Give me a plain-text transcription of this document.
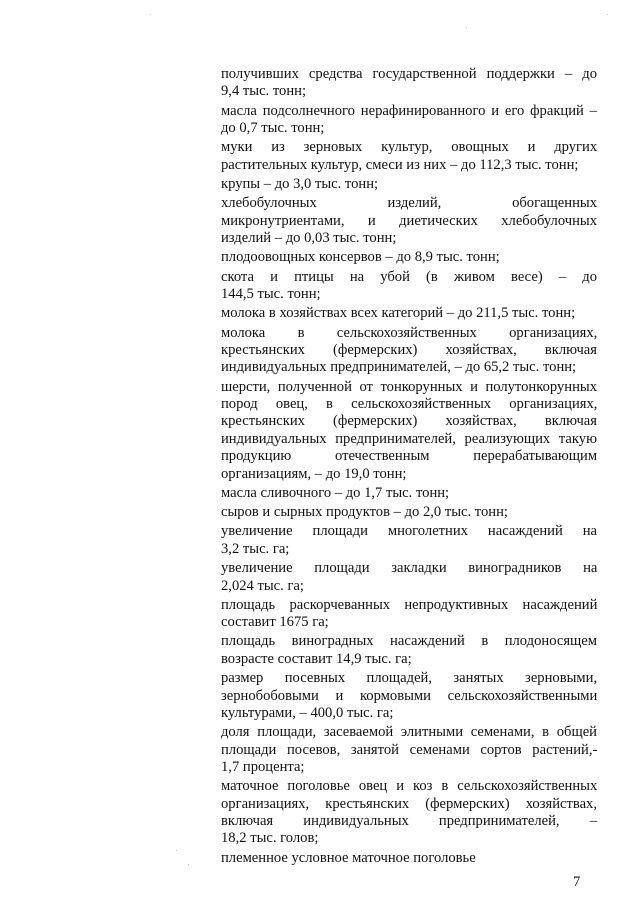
получивших средства государственной поддержки – до
9,4 тыс. тонн;
масла подсолнечного нерафинированного и его фракций –
до 0,7 тыс. тонн;
муки из зерновых культур, овощных и других
растительных культур, смеси из них – до 112,3 тыс. тонн;
крупы – до 3,0 тыс. тонн;
хлебобулочных изделий, обогащенных
микронутриентами, и диетических хлебобулочных
изделий – до 0,03 тыс. тонн;
плодоовощных консервов – до 8,9 тыс. тонн;
скота и птицы на убой (в живом весе) – до
144,5 тыс. тонн;
молока в хозяйствах всех категорий – до 211,5 тыс. тонн;
молока в сельскохозяйственных организациях,
крестьянских (фермерских) хозяйствах, включая
индивидуальных предпринимателей, – до 65,2 тыс. тонн;
шерсти, полученной от тонкорунных и полутонкорунных
пород овец, в сельскохозяйственных организациях,
крестьянских (фермерских) хозяйствах, включая
индивидуальных предпринимателей, реализующих такую
продукцию отечественным перерабатывающим
организациям, – до 19,0 тонн;
масла сливочного – до 1,7 тыс. тонн;
сыров и сырных продуктов – до 2,0 тыс. тонн;
увеличение площади многолетних насаждений на
3,2 тыс. га;
увеличение площади закладки виноградников на
2,024 тыс. га;
площадь раскорчеванных непродуктивных насаждений
составит 1675 га;
площадь виноградных насаждений в плодоносящем
возрасте составит 14,9 тыс. га;
размер посевных площадей, занятых зерновыми,
зернобобовыми и кормовыми сельскохозяйственными
культурами, – 400,0 тыс. га;
доля площади, засеваемой элитными семенами, в общей
площади посевов, занятой семенами сортов растений,-
1,7 процента;
маточное поголовье овец и коз в сельскохозяйственных
организациях, крестьянских (фермерских) хозяйствах,
включая индивидуальных предпринимателей, –
18,2 тыс. голов;
племенное условное маточное поголовье
7
